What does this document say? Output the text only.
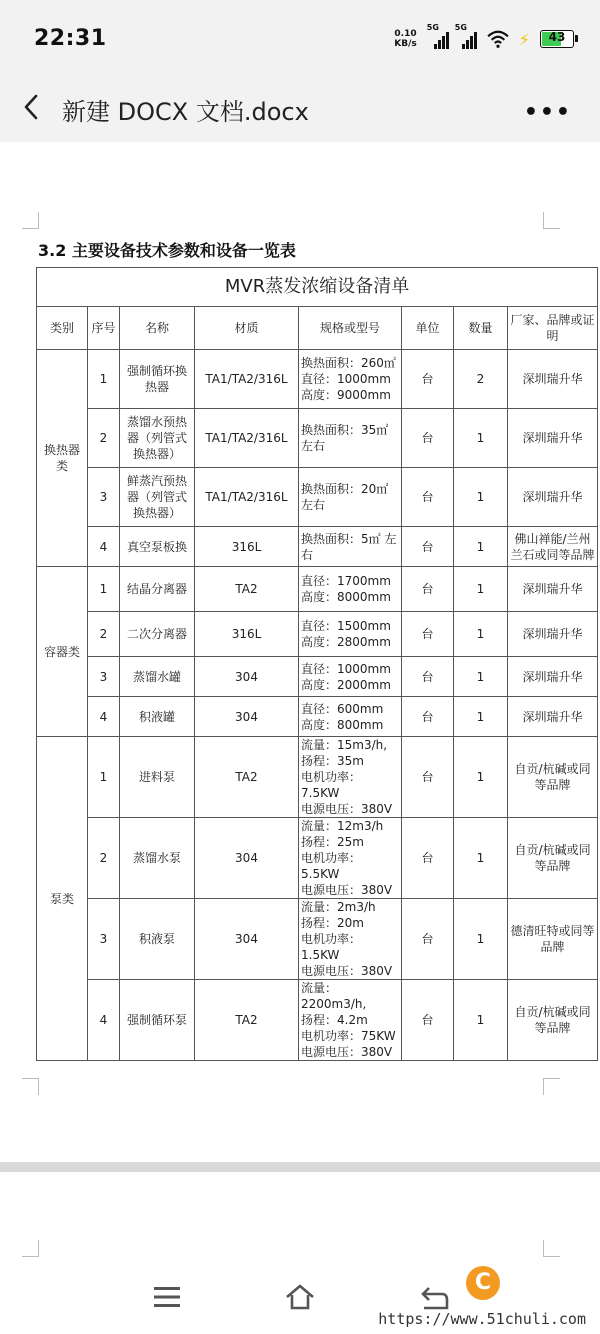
22:31	0.10
KB/s
5G 5G
⚡	43
新建 DOCX 文档.docx	•••
3.2 主要设备技术参数和设备一览表
MVR蒸发浓缩设备清单							
类别	序号	名称	材质	规格或型号	单位	数量	厂家、品牌或证明
换热器类	1	强制循环换热器	TA1/TA2/316L	换热面积：260㎡
直径：1000mm
高度：9000mm	台	2	深圳瑞升华
	2	蒸馏水预热器（列管式换热器）	TA1/TA2/316L	换热面积：35㎡左右	台	1	深圳瑞升华
	3	鲜蒸汽预热器（列管式换热器）	TA1/TA2/316L	换热面积：20㎡左右	台	1	深圳瑞升华
	4	真空泵板换	316L	换热面积：5㎡ 左右	台	1	佛山禅能/兰州兰石或同等品牌
容器类	1	结晶分离器	TA2	直径：1700mm
高度：8000mm	台	1	深圳瑞升华
	2	二次分离器	316L	直径：1500mm
高度：2800mm	台	1	深圳瑞升华
	3	蒸馏水罐	304	直径：1000mm
高度：2000mm	台	1	深圳瑞升华
	4	积液罐	304	直径：600mm
高度：800mm	台	1	深圳瑞升华
泵类	1	进料泵	TA2	流量：15m3/h,
扬程：35m
电机功率：7.5KW
电源电压：380V	台	1	自贡/杭碱或同等品牌
	2	蒸馏水泵	304	流量：12m3/h
扬程：25m
电机功率：5.5KW
电源电压：380V	台	1	自贡/杭碱或同等品牌
	3	积液泵	304	流量：2m3/h
扬程：20m
电机功率：1.5KW
电源电压：380V	台	1	德清旺特或同等品牌
	4	强制循环泵	TA2	流量：2200m3/h,
扬程：4.2m
电机功率：75KW
电源电压：380V	台	1	自贡/杭碱或同等品牌
C
https://www.51chuli.com
